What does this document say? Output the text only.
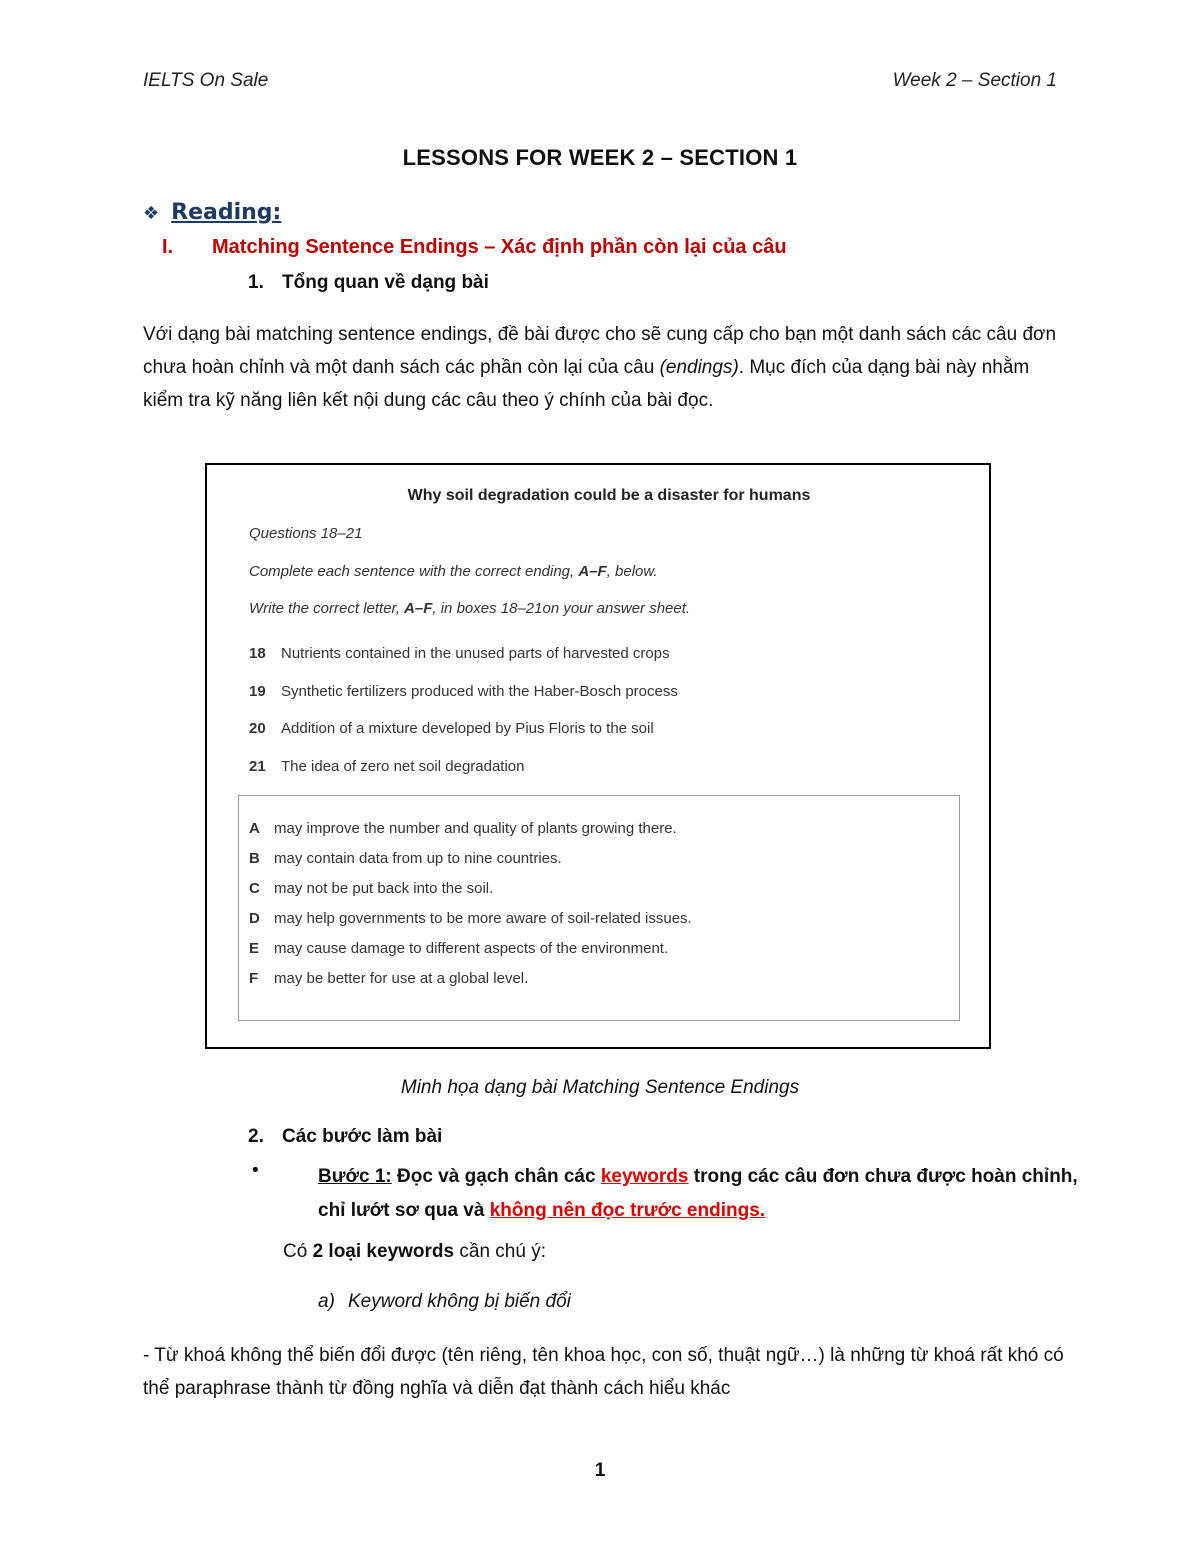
IELTS On Sale	Week 2 – Section 1
LESSONS FOR WEEK 2 – SECTION 1
❖ Reading:
I. Matching Sentence Endings – Xác định phần còn lại của câu
1. Tổng quan về dạng bài
Với dạng bài matching sentence endings, đề bài được cho sẽ cung cấp cho bạn một danh sách các câu đơn chưa hoàn chỉnh và một danh sách các phần còn lại của câu (endings). Mục đích của dạng bài này nhằm kiểm tra kỹ năng liên kết nội dung các câu theo ý chính của bài đọc.
Why soil degradation could be a disaster for humans
Questions 18–21
Complete each sentence with the correct ending, A–F, below.
Write the correct letter, A–F, in boxes 18–21on your answer sheet.
18 Nutrients contained in the unused parts of harvested crops
19 Synthetic fertilizers produced with the Haber-Bosch process
20 Addition of a mixture developed by Pius Floris to the soil
21 The idea of zero net soil degradation
A may improve the number and quality of plants growing there.
B may contain data from up to nine countries.
C may not be put back into the soil.
D may help governments to be more aware of soil-related issues.
E may cause damage to different aspects of the environment.
F may be better for use at a global level.
Minh họa dạng bài Matching Sentence Endings
2. Các bước làm bài
•	Bước 1: Đọc và gạch chân các keywords trong các câu đơn chưa được hoàn chỉnh, chỉ lướt sơ qua và không nên đọc trước endings.
Có 2 loại keywords cần chú ý:
a) Keyword không bị biến đổi
- Từ khoá không thể biến đổi được (tên riêng, tên khoa học, con số, thuật ngữ…) là những từ khoá rất khó có thể paraphrase thành từ đồng nghĩa và diễn đạt thành cách hiểu khác
1
